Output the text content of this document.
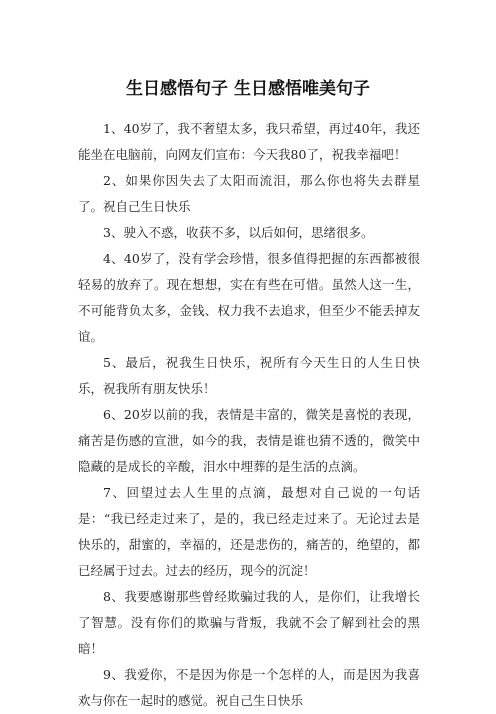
生日感悟句子 生日感悟唯美句子

1、40岁了，我不奢望太多，我只希望，再过40年，我还能坐在电脑前，向网友们宣布：今天我80了，祝我幸福吧！

2、如果你因失去了太阳而流泪，那么你也将失去群星了。祝自己生日快乐

3、驶入不惑，收获不多，以后如何，思绪很多。

4、40岁了，没有学会珍惜，很多值得把握的东西都被很轻易的放弃了。现在想想，实在有些在可惜。虽然人这一生，不可能背负太多，金钱、权力我不去追求，但至少不能丢掉友谊。

5、最后，祝我生日快乐，祝所有今天生日的人生日快乐，祝我所有朋友快乐！

6、20岁以前的我，表情是丰富的，微笑是喜悦的表现，痛苦是伤感的宣泄，如今的我，表情是谁也猜不透的，微笑中隐藏的是成长的辛酸，泪水中埋葬的是生活的点滴。

7、回望过去人生里的点滴，最想对自己说的一句话是：“我已经走过来了，是的，我已经走过来了。无论过去是快乐的，甜蜜的，幸福的，还是悲伤的，痛苦的，绝望的，都已经属于过去。过去的经历，现今的沉淀！

8、我要感谢那些曾经欺骗过我的人，是你们，让我增长了智慧。没有你们的欺骗与背叛，我就不会了解到社会的黑暗！

9、我爱你，不是因为你是一个怎样的人，而是因为我喜欢与你在一起时的感觉。祝自己生日快乐
